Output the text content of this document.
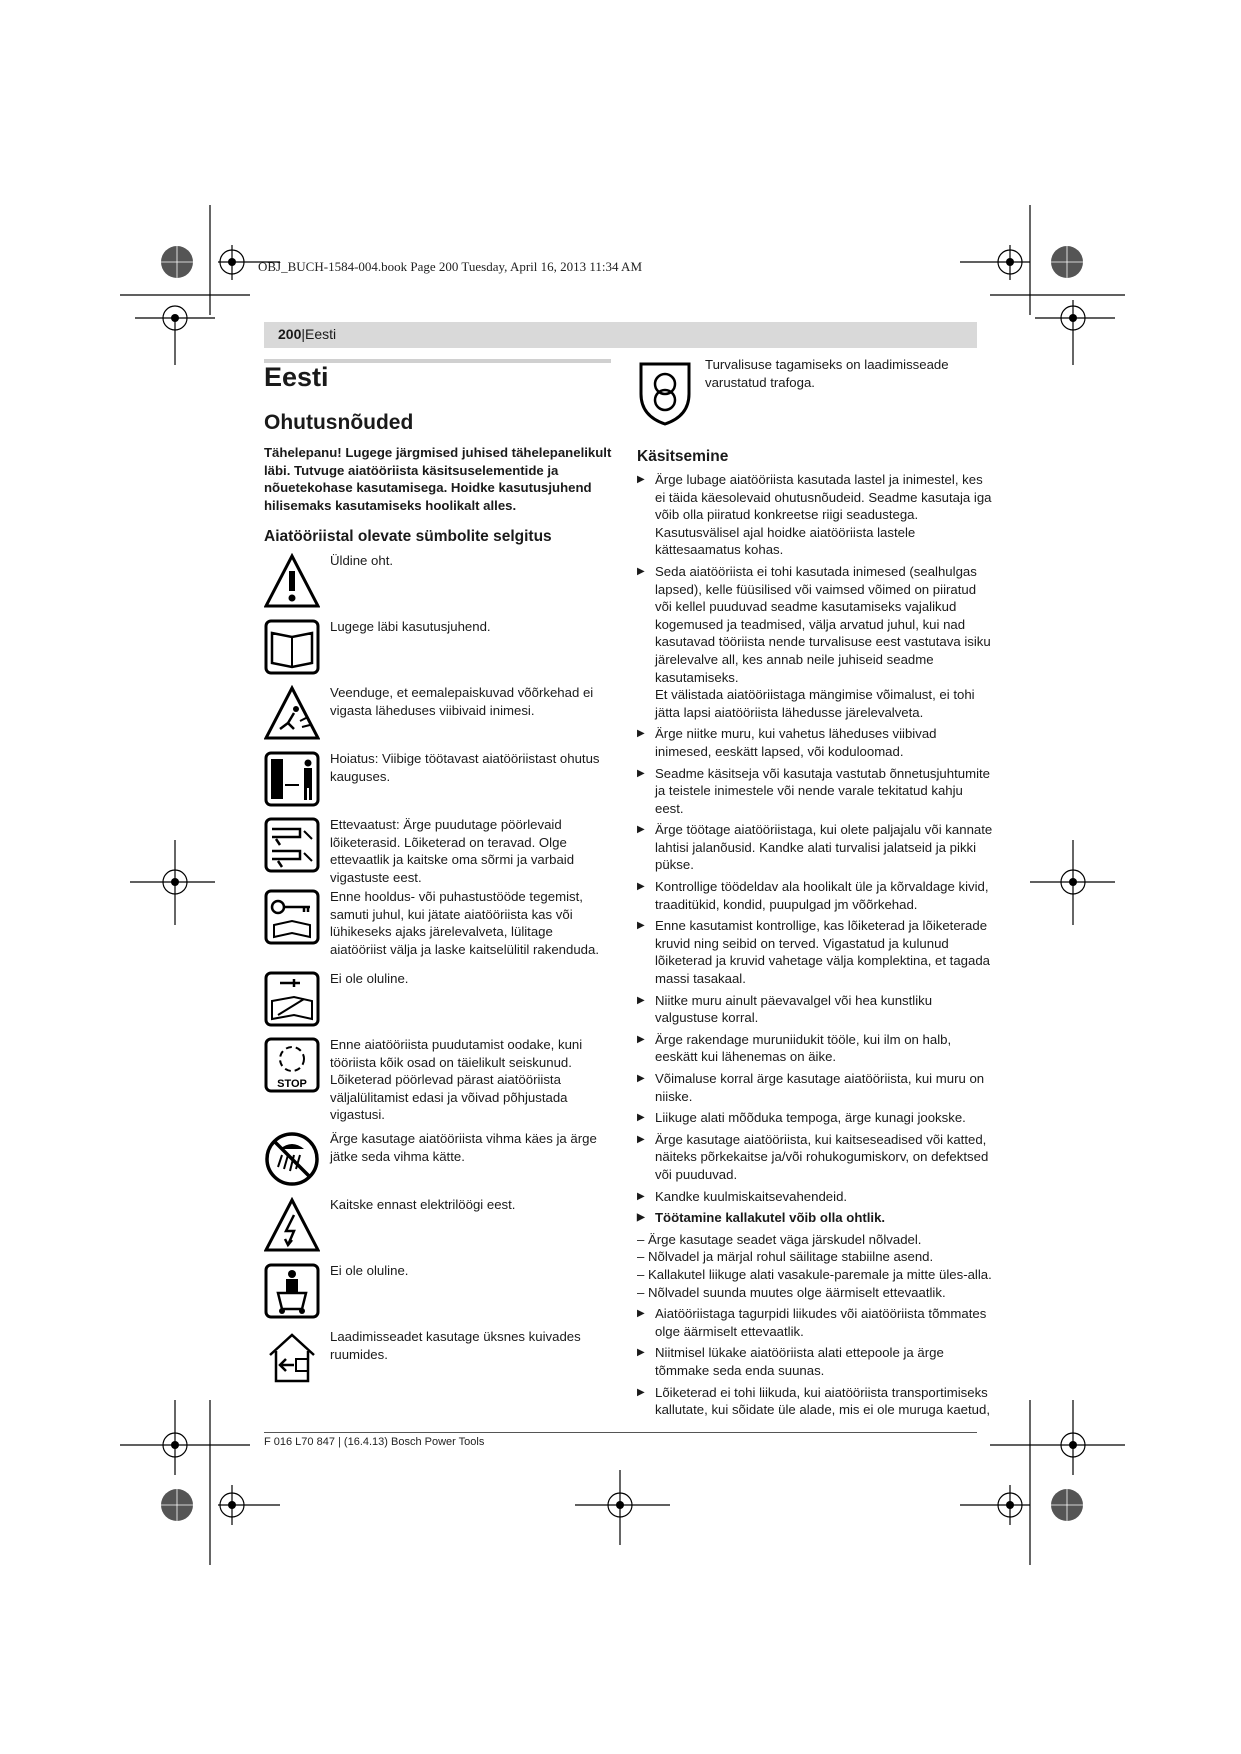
OBJ_BUCH-1584-004.book Page 200 Tuesday, April 16, 2013 11:34 AM
200|Eesti
Eesti
Ohutusnõuded
Tähelepanu! Lugege järgmised juhised tähelepanelikult läbi. Tutvuge aiatööriista käsitsuselementide ja nõuetekohase kasutamisega. Hoidke kasutusjuhend hilisemaks kasutamiseks hoolikalt alles.
Aiatööriistal olevate sümbolite selgitus
Üldine oht.
Lugege läbi kasutusjuhend.
Veenduge, et eemalepaiskuvad võõrkehad ei vigasta läheduses viibivaid inimesi.
Hoiatus: Viibige töötavast aiatööriistast ohutus kauguses.
Ettevaatust: Ärge puudutage pöörlevaid lõiketerasid. Lõiketerad on teravad. Olge ettevaatlik ja kaitske oma sõrmi ja varbaid vigastuste eest.
Enne hooldus- või puhastustööde tegemist, samuti juhul, kui jätate aiatööriista kas või lühikeseks ajaks järelevalveta, lülitage aiatööriist välja ja laske kaitselülitil rakenduda.
Ei ole oluline.
STOP
Enne aiatööriista puudutamist oodake, kuni tööriista kõik osad on täielikult seiskunud. Lõiketerad pöörlevad pärast aiatööriista väljalülitamist edasi ja võivad põhjustada vigastusi.
Ärge kasutage aiatööriista vihma käes ja ärge jätke seda vihma kätte.
Kaitske ennast elektrilöögi eest.
Ei ole oluline.
Laadimisseadet kasutage üksnes kuivades ruumides.
Turvalisuse tagamiseks on laadimisseade varustatud trafoga.
Käsitsemine
▶ Ärge lubage aiatööriista kasutada lastel ja inimestel, kes ei täida käesolevaid ohutusnõudeid. Seadme kasutaja iga võib olla piiratud konkreetse riigi seadustega. Kasutusvälisel ajal hoidke aiatööriista lastele kättesaamatus kohas.
▶ Seda aiatööriista ei tohi kasutada inimesed (sealhulgas lapsed), kelle füüsilised või vaimsed võimed on piiratud või kellel puuduvad seadme kasutamiseks vajalikud kogemused ja teadmised, välja arvatud juhul, kui nad kasutavad tööriista nende turvalisuse eest vastutava isiku järelevalve all, kes annab neile juhiseid seadme kasutamiseks.
Et välistada aiatööriistaga mängimise võimalust, ei tohi jätta lapsi aiatööriista lähedusse järelevalveta.
▶ Ärge niitke muru, kui vahetus läheduses viibivad inimesed, eeskätt lapsed, või koduloomad.
▶ Seadme käsitseja või kasutaja vastutab õnnetusjuhtumite ja teistele inimestele või nende varale tekitatud kahju eest.
▶ Ärge töötage aiatööriistaga, kui olete paljajalu või kannate lahtisi jalanõusid. Kandke alati turvalisi jalatseid ja pikki pükse.
▶ Kontrollige töödeldav ala hoolikalt üle ja kõrvaldage kivid, traaditükid, kondid, puupulgad jm võõrkehad.
▶ Enne kasutamist kontrollige, kas lõiketerad ja lõiketerade kruvid ning seibid on terved. Vigastatud ja kulunud lõiketerad ja kruvid vahetage välja komplektina, et tagada massi tasakaal.
▶ Niitke muru ainult päevavalgel või hea kunstliku valgustuse korral.
▶ Ärge rakendage muruniidukit tööle, kui ilm on halb, eeskätt kui lähenemas on äike.
▶ Võimaluse korral ärge kasutage aiatööriista, kui muru on niiske.
▶ Liikuge alati mõõduka tempoga, ärge kunagi jookske.
▶ Ärge kasutage aiatööriista, kui kaitseseadised või katted, näiteks põrkekaitse ja/või rohukogumiskorv, on defektsed või puuduvad.
▶ Kandke kuulmiskaitsevahendeid.
▶ Töötamine kallakutel võib olla ohtlik.
– Ärge kasutage seadet väga järskudel nõlvadel.
– Nõlvadel ja märjal rohul säilitage stabiilne asend.
– Kallakutel liikuge alati vasakule-paremale ja mitte üles-alla.
– Nõlvadel suunda muutes olge äärmiselt ettevaatlik.
▶ Aiatööriistaga tagurpidi liikudes või aiatööriista tõmmates olge äärmiselt ettevaatlik.
▶ Niitmisel lükake aiatööriista alati ettepoole ja ärge tõmmake seda enda suunas.
▶ Lõiketerad ei tohi liikuda, kui aiatööriista transportimiseks kallutate, kui sõidate üle alade, mis ei ole muruga kaetud,
F 016 L70 847 | (16.4.13) Bosch Power Tools
